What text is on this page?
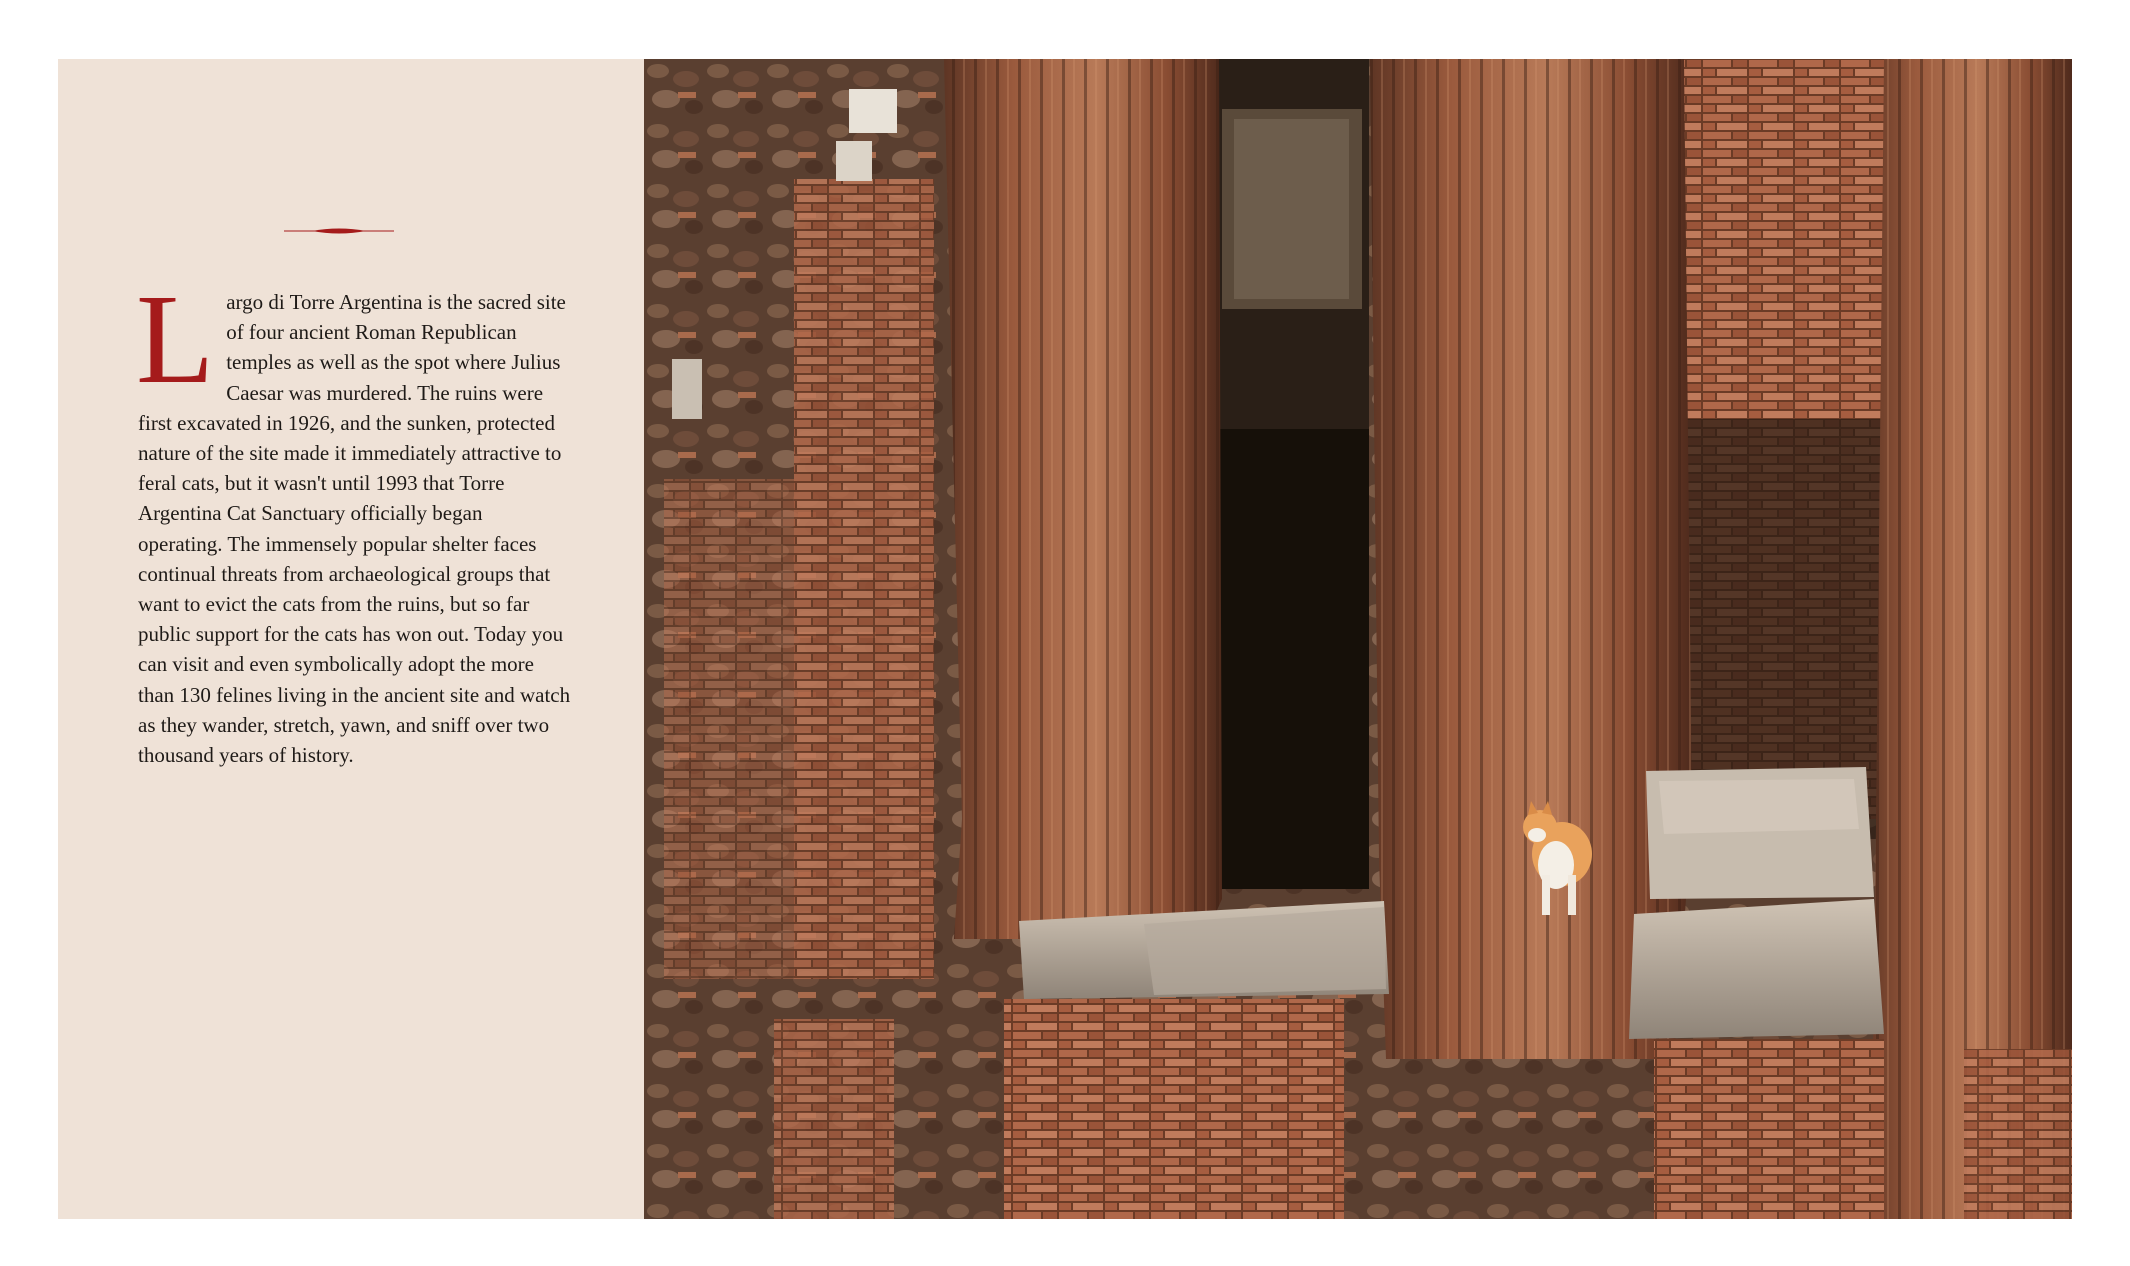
Largo di Torre Argentina is the sacred site of four ancient Roman Republican temples as well as the spot where Julius Caesar was murdered. The ruins were first excavated in 1926, and the sunken, protected nature of the site made it immediately attractive to feral cats, but it wasn't until 1993 that Torre Argentina Cat Sanctuary officially began operating. The immensely popular shelter faces continual threats from archaeological groups that want to evict the cats from the ruins, but so far public support for the cats has won out. Today you can visit and even symbolically adopt the more than 130 felines living in the ancient site and watch as they wander, stretch, yawn, and sniff over two thousand years of history.
